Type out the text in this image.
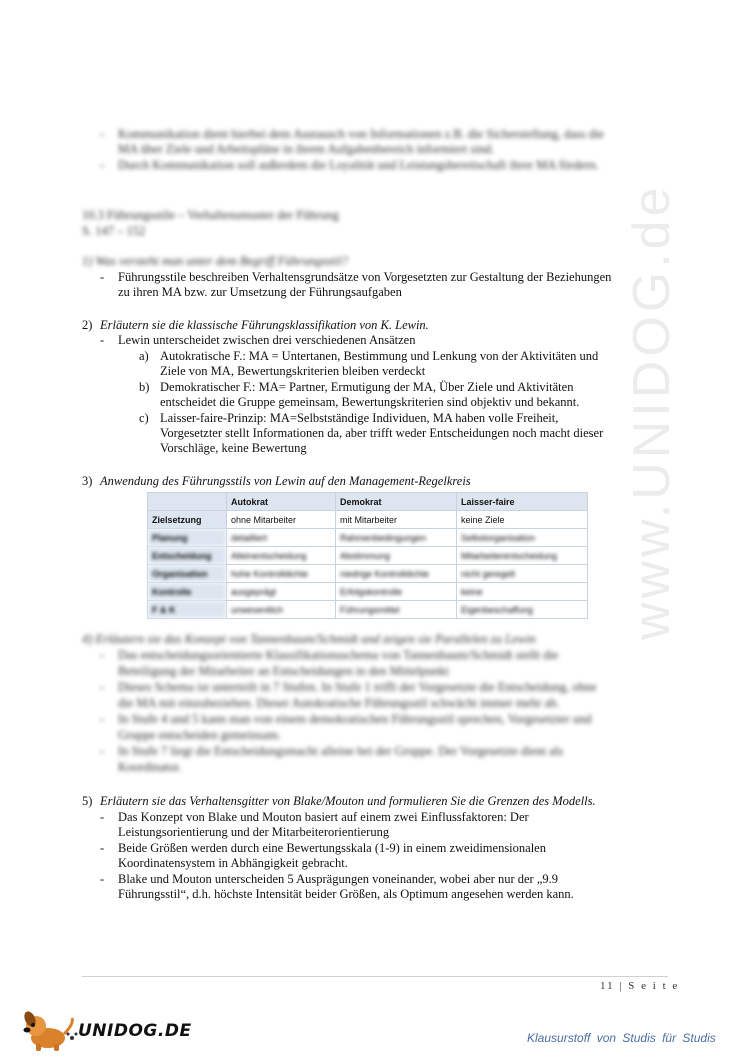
www.UNIDOG.de
- Kommunikation dient hierbei dem Austausch von Informationen z.B. die Sicherstellung, dass die
MA über Ziele und Arbeitspläne in ihrem Aufgabenbereich informiert sind.
- Durch Kommunikation soll außerdem die Loyalität und Leistungsbereitschaft ihrer MA fördern.
10.3 Führungsstile – Verhaltensmuster der Führung
S. 147 – 152
1) Was versteht man unter dem Begriff Führungsstil?
- Führungsstile beschreiben Verhaltensgrundsätze von Vorgesetzten zur Gestaltung der Beziehungen
zu ihren MA bzw. zur Umsetzung der Führungsaufgaben
2) Erläutern sie die klassische Führungsklassifikation von K. Lewin.
- Lewin unterscheidet zwischen drei verschiedenen Ansätzen
a) Autokratische F.: MA = Untertanen, Bestimmung und Lenkung von der Aktivitäten und
Ziele von MA, Bewertungskriterien bleiben verdeckt
b) Demokratischer F.: MA= Partner, Ermutigung der MA, Über Ziele und Aktivitäten
entscheidet die Gruppe gemeinsam, Bewertungskriterien sind objektiv und bekannt.
c) Laisser-faire-Prinzip: MA=Selbstständige Individuen, MA haben volle Freiheit,
Vorgesetzter stellt Informationen da, aber trifft weder Entscheidungen noch macht dieser
Vorschläge, keine Bewertung
3) Anwendung des Führungsstils von Lewin auf den Management-Regelkreis
	Autokrat	Demokrat	Laisser-faire
Zielsetzung	ohne Mitarbeiter	mit Mitarbeiter	keine Ziele
Planung	detailliert	Rahmenbedingungen	Selbstorganisation
Entscheidung	Alleinentscheidung	Abstimmung	Mitarbeiterentscheidung
Organisation	hohe Kontrolldichte	niedrige Kontrolldichte	nicht geregelt
Kontrolle	ausgeprägt	Erfolgskontrolle	keine
F & K	unwesentlich	Führungsmittel	Eigenbeschaffung
4) Erläutern sie das Konzept von Tannenbaum/Schmidt und zeigen sie Parallelen zu Lewin
- Das entscheidungsorientierte Klassifikationsschema von Tannenbaum/Schmidt stellt die
Beteiligung der Mitarbeiter an Entscheidungen in den Mittelpunkt
- Dieses Schema ist unterteilt in 7 Stufen. In Stufe 1 trifft der Vorgesetzte die Entscheidung, ohne
die MA mit einzubeziehen. Dieser Autokratische Führungsstil schwächt immer mehr ab.
- In Stufe 4 und 5 kann man von einem demokratischen Führungsstil sprechen, Vorgesetzter und
Gruppe entscheiden gemeinsam.
- In Stufe 7 liegt die Entscheidungsmacht alleine bei der Gruppe. Der Vorgesetzte dient als
Koordinator.
5) Erläutern sie das Verhaltensgitter von Blake/Mouton und formulieren Sie die Grenzen des Modells.
- Das Konzept von Blake und Mouton basiert auf einem zwei Einflussfaktoren: Der
Leistungsorientierung und der Mitarbeiterorientierung
- Beide Größen werden durch eine Bewertungsskala (1-9) in einem zweidimensionalen
Koordinatensystem in Abhängigkeit gebracht.
- Blake und Mouton unterscheiden 5 Ausprägungen voneinander, wobei aber nur der „9.9
Führungsstil“, d.h. höchste Intensität beider Größen, als Optimum angesehen werden kann.
11 | S e i t e
UNIDOG.DE	Klausurstoff von Studis für Studis
